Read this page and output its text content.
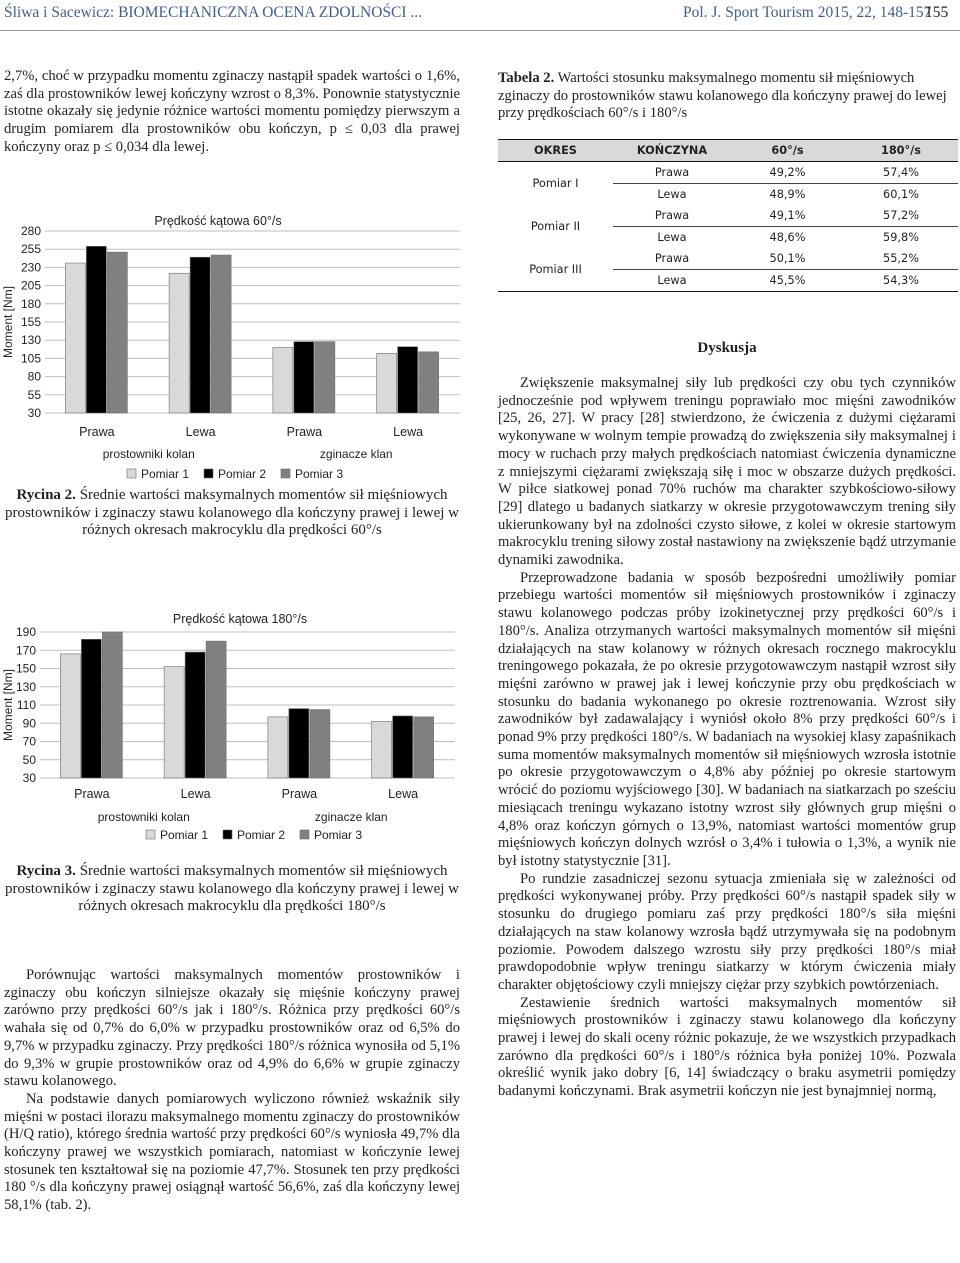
Śliwa i Sacewicz: BIOMECHANICZNA OCENA ZDOLNOŚCI ...	Pol. J. Sport Tourism 2015, 22, 148-157
155

2,7%, choć w przypadku momentu zginaczy nastąpił spadek wartości o 1,6%, zaś dla prostowników lewej kończyny wzrost o 8,3%. Ponownie statystycznie istotne okazały się jedynie różnice wartości momentu pomiędzy pierwszym a drugim pomiarem dla prostowników obu kończyn, p ≤ 0,03 dla prawej kończyny oraz p ≤ 0,034 dla lewej.

Prędkość kątowa 60°/s
Moment [Nm]
280
255
230
205
180
155
130
105
80
55
30
Prawa	Lewa	Prawa	Lewa
prostowniki kolan	zginacze klan
Pomiar 1 Pomiar 2 Pomiar 3
Rycina 2. Średnie wartości maksymalnych momentów sił mięśniowych prostowników i zginaczy stawu kolanowego dla kończyny prawej i lewej w różnych okresach makrocyklu dla prędkości 60°/s
Prędkość kątowa 180°/s
Moment [Nm]
190
170
150
130
110
90
70
50
30
Prawa	Lewa	Prawa	Lewa
prostowniki kolan	zginacze klan
Pomiar 1 Pomiar 2 Pomiar 3
Rycina 3. Średnie wartości maksymalnych momentów sił mięśniowych prostowników i zginaczy stawu kolanowego dla kończyny prawej i lewej w różnych okresach makrocyklu dla prędkości 180°/s

Porównując wartości maksymalnych momentów prostowników i zginaczy obu kończyn silniejsze okazały się mięśnie kończyny prawej zarówno przy prędkości 60°/s jak i 180°/s. Różnica przy prędkości 60°/s wahała się od 0,7% do 6,0% w przypadku prostowników oraz od 6,5% do 9,7% w przypadku zginaczy. Przy prędkości 180°/s różnica wynosiła od 5,1% do 9,3% w grupie prostowników oraz od 4,9% do 6,6% w grupie zginaczy stawu kolanowego.

Na podstawie danych pomiarowych wyliczono również wskaźnik siły mięśni w postaci ilorazu maksymalnego momentu zginaczy do prostowników (H/Q ratio), którego średnia wartość przy prędkości 60°/s wyniosła 49,7% dla kończyny prawej we wszystkich pomiarach, natomiast w kończynie lewej stosunek ten kształtował się na poziomie 47,7%. Stosunek ten przy prędkości 180 °/s dla kończyny prawej osiągnął wartość 56,6%, zaś dla kończyny lewej 58,1% (tab. 2).

Tabela 2. Wartości stosunku maksymalnego momentu sił mięśniowych zginaczy do prostowników stawu kolanowego dla kończyny prawej do lewej przy prędkościach 60°/s i 180°/s
OKRES	KOŃCZYNA	60°/s	180°/s
Pomiar I	Prawa	49,2%	57,4%
	Lewa	48,9%	60,1%
Pomiar II	Prawa	49,1%	57,2%
	Lewa	48,6%	59,8%
Pomiar III	Prawa	50,1%	55,2%
	Lewa	45,5%	54,3%
Dyskusja

Zwiększenie maksymalnej siły lub prędkości czy obu tych czynników jednocześnie pod wpływem treningu poprawiało moc mięśni zawodników [25, 26, 27]. W pracy [28] stwierdzono, że ćwiczenia z dużymi ciężarami wykonywane w wolnym tempie prowadzą do zwiększenia siły maksymalnej i mocy w ruchach przy małych prędkościach natomiast ćwiczenia dynamiczne z mniejszymi ciężarami zwiększają siłę i moc w obszarze dużych prędkości. W piłce siatkowej ponad 70% ruchów ma charakter szybkościowo-siłowy [29] dlatego u badanych siatkarzy w okresie przygotowawczym trening siły ukierunkowany był na zdolności czysto siłowe, z kolei w okresie startowym makrocyklu trening siłowy został nastawiony na zwiększenie bądź utrzymanie dynamiki zawodnika.

Przeprowadzone badania w sposób bezpośredni umożliwiły pomiar przebiegu wartości momentów sił mięśniowych prostowników i zginaczy stawu kolanowego podczas próby izokinetycznej przy prędkości 60°/s i 180°/s. Analiza otrzymanych wartości maksymalnych momentów sił mięśni działających na staw kolanowy w różnych okresach rocznego makrocyklu treningowego pokazała, że po okresie przygotowawczym nastąpił wzrost siły mięśni zarówno w prawej jak i lewej kończynie przy obu prędkościach w stosunku do badania wykonanego po okresie roztrenowania. Wzrost siły zawodników był zadawalający i wyniósł około 8% przy prędkości 60°/s i ponad 9% przy prędkości 180°/s. W badaniach na wysokiej klasy zapaśnikach suma momentów maksymalnych momentów sił mięśniowych wzrosła istotnie po okresie przygotowawczym o 4,8% aby później po okresie startowym wrócić do poziomu wyjściowego [30]. W badaniach na siatkarzach po sześciu miesiącach treningu wykazano istotny wzrost siły głównych grup mięśni o 4,8% oraz kończyn górnych o 13,9%, natomiast wartości momentów grup mięśniowych kończyn dolnych wzrósł o 3,4% i tułowia o 1,3%, a wynik nie był istotny statystycznie [31].

Po rundzie zasadniczej sezonu sytuacja zmieniała się w zależności od prędkości wykonywanej próby. Przy prędkości 60°/s nastąpił spadek siły w stosunku do drugiego pomiaru zaś przy prędkości 180°/s siła mięśni działających na staw kolanowy wzrosła bądź utrzymywała się na podobnym poziomie. Powodem dalszego wzrostu siły przy prędkości 180°/s miał prawdopodobnie wpływ treningu siatkarzy w którym ćwiczenia miały charakter objętościowy czyli mniejszy ciężar przy szybkich powtórzeniach.

Zestawienie średnich wartości maksymalnych momentów sił mięśniowych prostowników i zginaczy stawu kolanowego dla kończyny prawej i lewej do skali oceny różnic pokazuje, że we wszystkich przypadkach zarówno dla prędkości 60°/s i 180°/s różnica była poniżej 10%. Pozwala określić wynik jako dobry [6, 14] świadczący o braku asymetrii pomiędzy badanymi kończynami. Brak asymetrii kończyn nie jest bynajmniej normą,
